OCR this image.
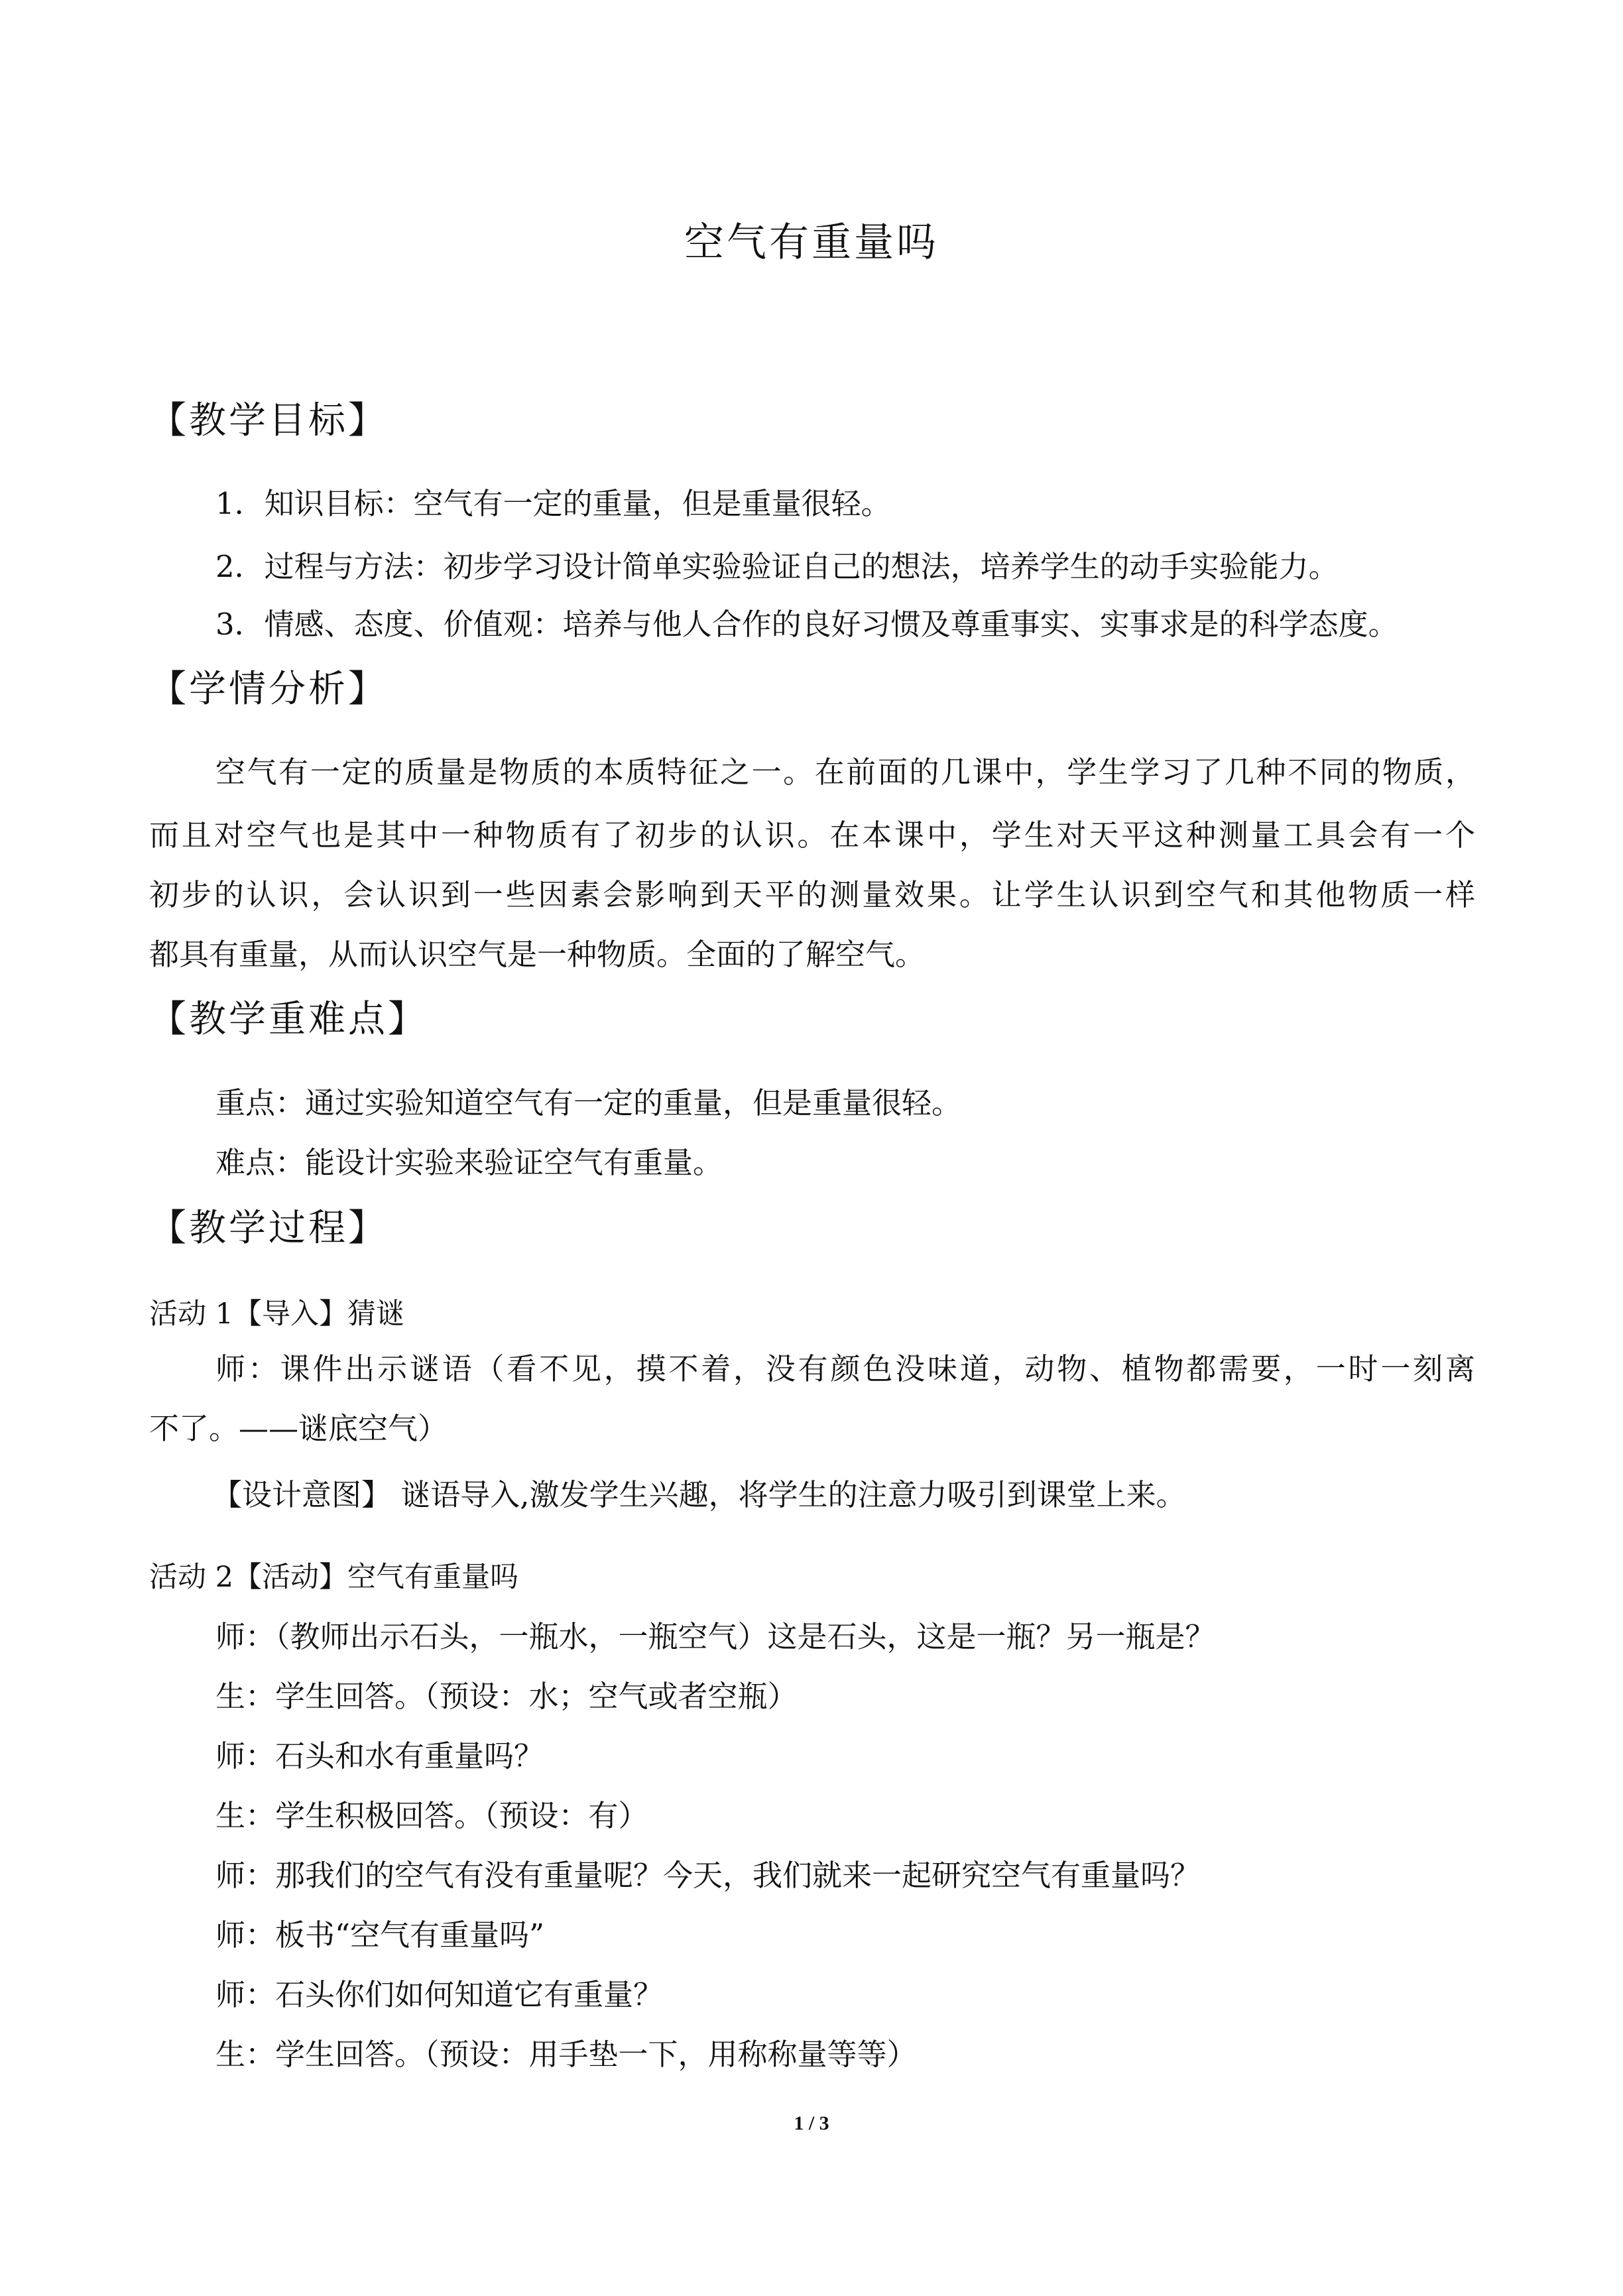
空气有重量吗
【教学目标】
1．知识目标：空气有一定的重量，但是重量很轻。
2．过程与方法：初步学习设计简单实验验证自己的想法，培养学生的动手实验能力。
3．情感、态度、价值观：培养与他人合作的良好习惯及尊重事实、实事求是的科学态度。
【学情分析】
空气有一定的质量是物质的本质特征之一。在前面的几课中，学生学习了几种不同的物质，
而且对空气也是其中一种物质有了初步的认识。在本课中，学生对天平这种测量工具会有一个
初步的认识，会认识到一些因素会影响到天平的测量效果。让学生认识到空气和其他物质一样
都具有重量，从而认识空气是一种物质。全面的了解空气。
【教学重难点】
重点：通过实验知道空气有一定的重量，但是重量很轻。
难点：能设计实验来验证空气有重量。
【教学过程】
活动 1【导入】猜谜
师：课件出示谜语（看不见，摸不着，没有颜色没味道，动物、植物都需要，一时一刻离
不了。——谜底空气）
【设计意图】 谜语导入,激发学生兴趣，将学生的注意力吸引到课堂上来。
活动 2【活动】空气有重量吗
师：（教师出示石头，一瓶水，一瓶空气）这是石头，这是一瓶？另一瓶是？
生：学生回答。（预设：水；空气或者空瓶）
师：石头和水有重量吗？
生：学生积极回答。（预设：有）
师：那我们的空气有没有重量呢？今天，我们就来一起研究空气有重量吗？
师：板书“空气有重量吗”
师：石头你们如何知道它有重量？
生：学生回答。（预设：用手垫一下，用称称量等等）
1 / 3
